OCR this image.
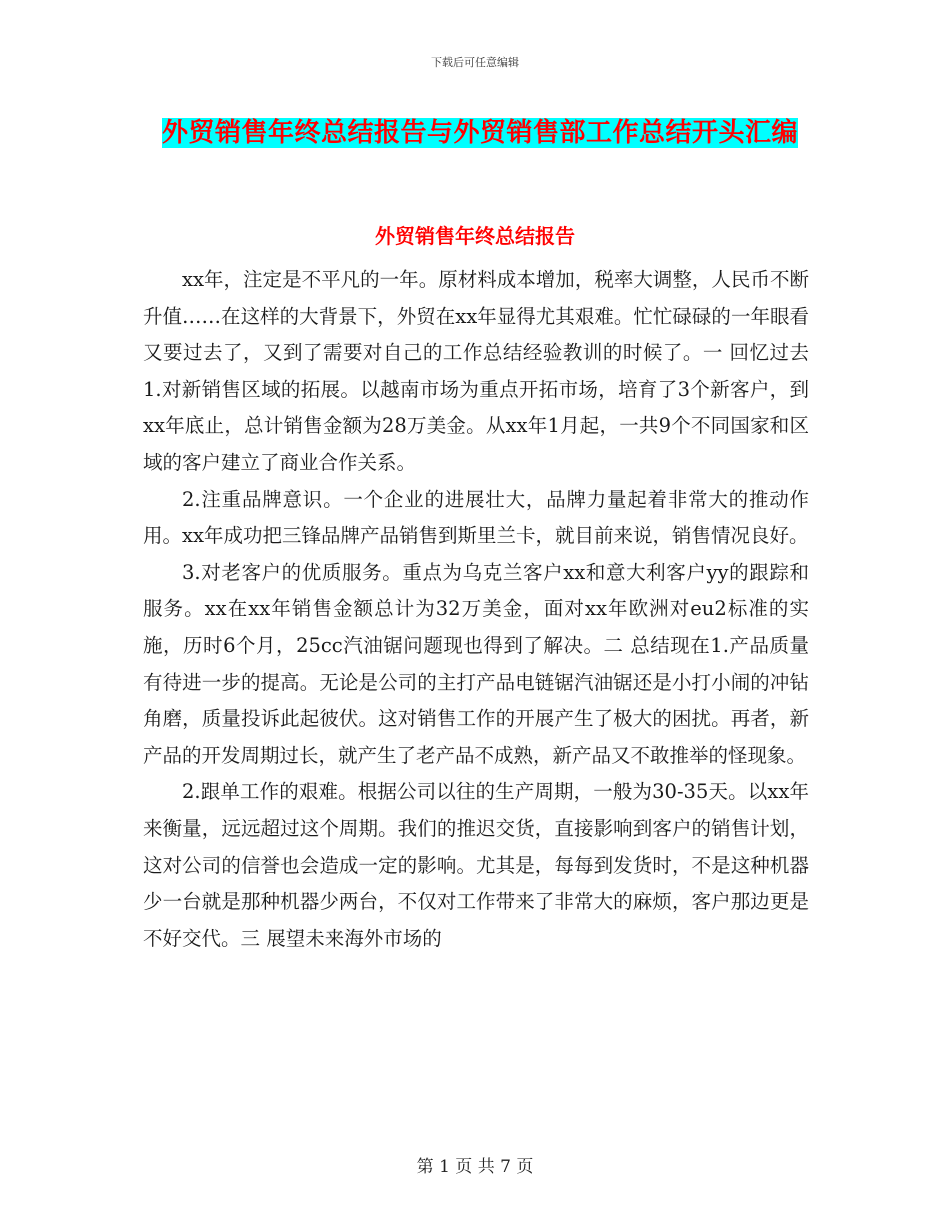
下载后可任意编辑
外贸销售年终总结报告与外贸销售部工作总结开头汇编
外贸销售年终总结报告

xx年，注定是不平凡的一年。原材料成本增加，税率大调整，人民币不断升值……在这样的大背景下，外贸在xx年显得尤其艰难。忙忙碌碌的一年眼看又要过去了，又到了需要对自己的工作总结经验教训的时候了。一 回忆过去1.对新销售区域的拓展。以越南市场为重点开拓市场，培育了3个新客户，到xx年底止，总计销售金额为28万美金。从xx年1月起，一共9个不同国家和区域的客户建立了商业合作关系。

2.注重品牌意识。一个企业的进展壮大，品牌力量起着非常大的推动作用。xx年成功把三锋品牌产品销售到斯里兰卡，就目前来说，销售情况良好。

3.对老客户的优质服务。重点为乌克兰客户xx和意大利客户yy的跟踪和服务。xx在xx年销售金额总计为32万美金，面对xx年欧洲对eu2标准的实施，历时6个月，25cc汽油锯问题现也得到了解决。二 总结现在1.产品质量有待进一步的提高。无论是公司的主打产品电链锯汽油锯还是小打小闹的冲钻角磨，质量投诉此起彼伏。这对销售工作的开展产生了极大的困扰。再者，新产品的开发周期过长，就产生了老产品不成熟，新产品又不敢推举的怪现象。

2.跟单工作的艰难。根据公司以往的生产周期，一般为30-35天。以xx年来衡量，远远超过这个周期。我们的推迟交货，直接影响到客户的销售计划，这对公司的信誉也会造成一定的影响。尤其是，每每到发货时，不是这种机器少一台就是那种机器少两台，不仅对工作带来了非常大的麻烦，客户那边更是不好交代。三 展望未来海外市场的

第 1 页 共 7 页
